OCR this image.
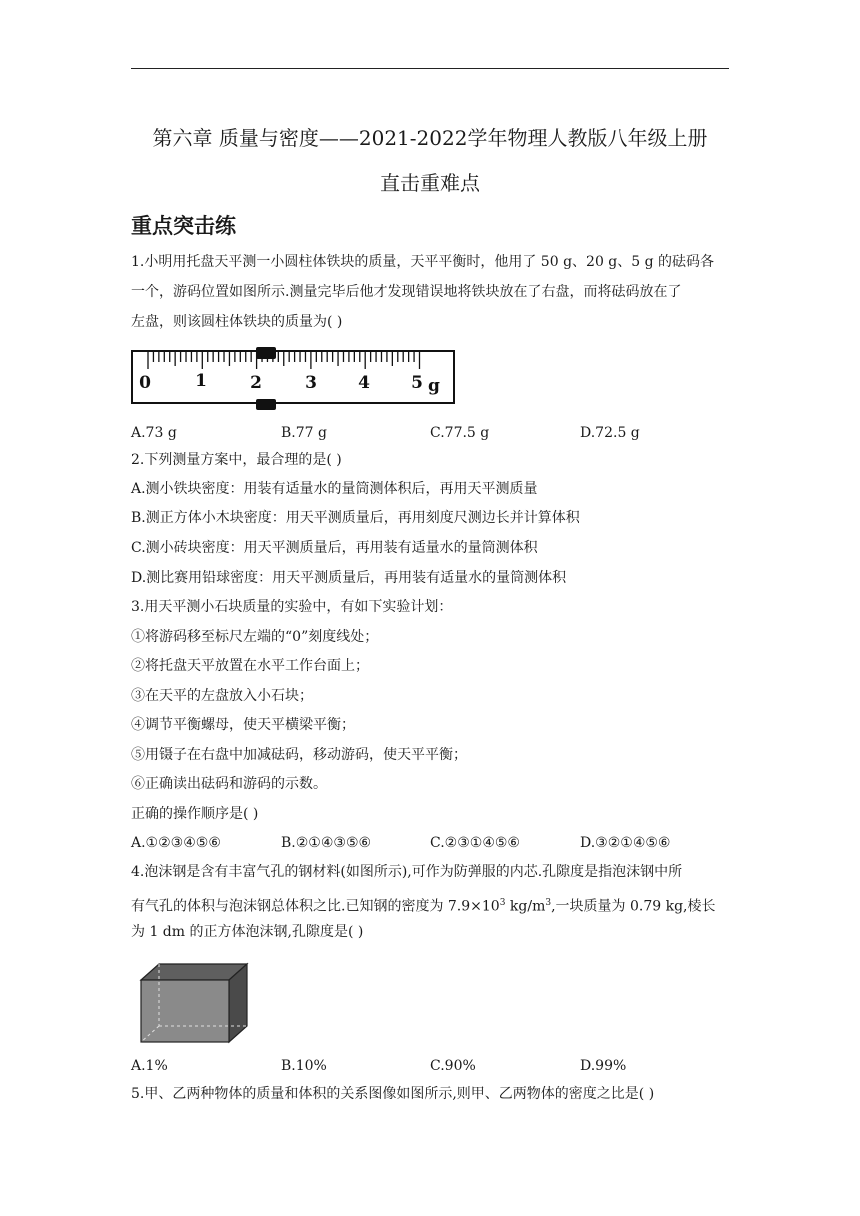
第六章 质量与密度——2021-2022学年物理人教版八年级上册
直击重难点
重点突击练
1.小明用托盘天平测一小圆柱体铁块的质量，天平平衡时，他用了 50 g、20 g、5 g 的砝码各
一个，游码位置如图所示.测量完毕后他才发现错误地将铁块放在了右盘，而将砝码放在了
左盘，则该圆柱体铁块的质量为( )
0	1	2	3 4 5 g
A.73 g	B.77 g	C.77.5 g	D.72.5 g
2.下列测量方案中，最合理的是( )
A.测小铁块密度：用装有适量水的量筒测体积后，再用天平测质量
B.测正方体小木块密度：用天平测质量后，再用刻度尺测边长并计算体积
C.测小砖块密度：用天平测质量后，再用装有适量水的量筒测体积
D.测比赛用铅球密度：用天平测质量后，再用装有适量水的量筒测体积
3.用天平测小石块质量的实验中，有如下实验计划：
①将游码移至标尺左端的“0”刻度线处；
②将托盘天平放置在水平工作台面上；
③在天平的左盘放入小石块；
④调节平衡螺母，使天平横梁平衡；
⑤用镊子在右盘中加减砝码，移动游码，使天平平衡；
⑥正确读出砝码和游码的示数。
正确的操作顺序是( )
A.①②③④⑤⑥	B.②①④③⑤⑥	C.②③①④⑤⑥	D.③②①④⑤⑥
4.泡沫钢是含有丰富气孔的钢材料(如图所示),可作为防弹服的内芯.孔隙度是指泡沫钢中所
有气孔的体积与泡沫钢总体积之比.已知钢的密度为 $7.9\times 10^3$ $kg/m^3$,一块质量为 0.79 kg,棱长
为 1 dm 的正方体泡沫钢,孔隙度是( )
A.1%	B.10%	C.90%	D.99%
5.甲、乙两种物体的质量和体积的关系图像如图所示,则甲、乙两物体的密度之比是( )
